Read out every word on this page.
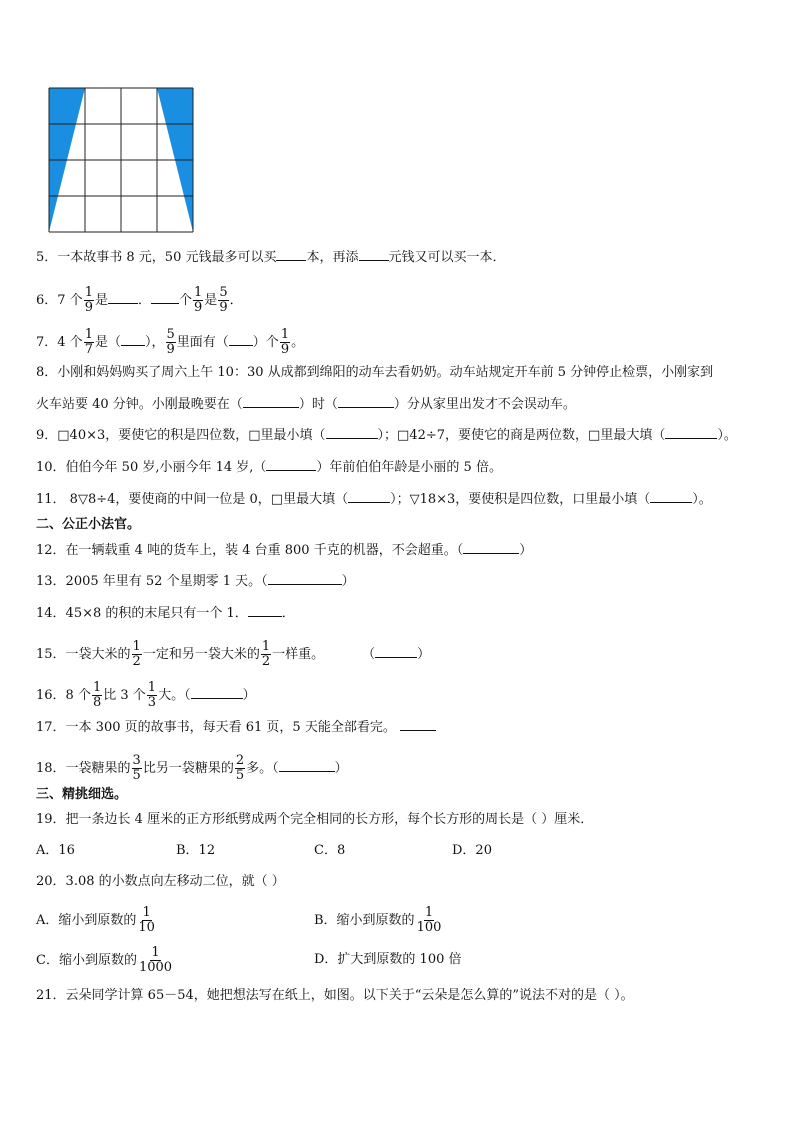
5．一本故事书 8 元，50 元钱最多可以买 本，再添 元钱又可以买一本．
6．7 个 $\frac{1}{9}$ 是 ． 个 $\frac{1}{9}$ 是 $\frac{5}{9}$ ．
7．4 个 $\frac{1}{7}$ 是（ ）， $\frac{5}{9}$ 里面有（ ）个 $\frac{1}{9}$ 。
8．小刚和妈妈购买了周六上午 10：30 从成都到绵阳的动车去看奶奶。动车站规定开车前 5 分钟停止检票，小刚家到
火车站要 40 分钟。小刚最晚要在（	）时（	）分从家里出发才不会误动车。
9．□40×3，要使它的积是四位数，□里最小填（	）；□42÷7，要使它的商是两位数，□里最大填（	）。
10．伯伯今年 50 岁,小丽今年 14 岁,（	）年前伯伯年龄是小丽的 5 倍。
11． 8▽8÷4，要使商的中间一位是 0，□里最大填（	）；▽18×3，要使积是四位数，口里最小填（	）。
二、公正小法官。
12．在一辆载重 4 吨的货车上，装 4 台重 800 千克的机器，不会超重。（	）
13．2005 年里有 52 个星期零 1 天。（	）
14．45×8 的积的末尾只有一个 1．	．
15．一袋大米的 $\frac{1}{2}$ 一定和另一袋大米的 $\frac{1}{2}$ 一样重。	（	）
16．8 个 $\frac{1}{8}$ 比 3 个 $\frac{1}{3}$ 大。（	）
17．一本 300 页的故事书，每天看 61 页，5 天能全部看完。
18．一袋糖果的 $\frac{3}{5}$ 比另一袋糖果的 $\frac{2}{5}$ 多。（	）
三、精挑细选。
19．把一条边长 4 厘米的正方形纸劈成两个完全相同的长方形，每个长方形的周长是（ ）厘米．
A．16	B．12	C．8	D．20
20．3.08 的小数点向左移动二位，就（ ）
A．缩小到原数的 $\frac{1}{10}$	B．缩小到原数的 $\frac{1}{100}$
C．缩小到原数的 $\frac{1}{1000}$	D．扩大到原数的 100 倍
21．云朵同学计算 65－54，她把想法写在纸上，如图。以下关于“云朵是怎么算的”说法不对的是（ ）。
